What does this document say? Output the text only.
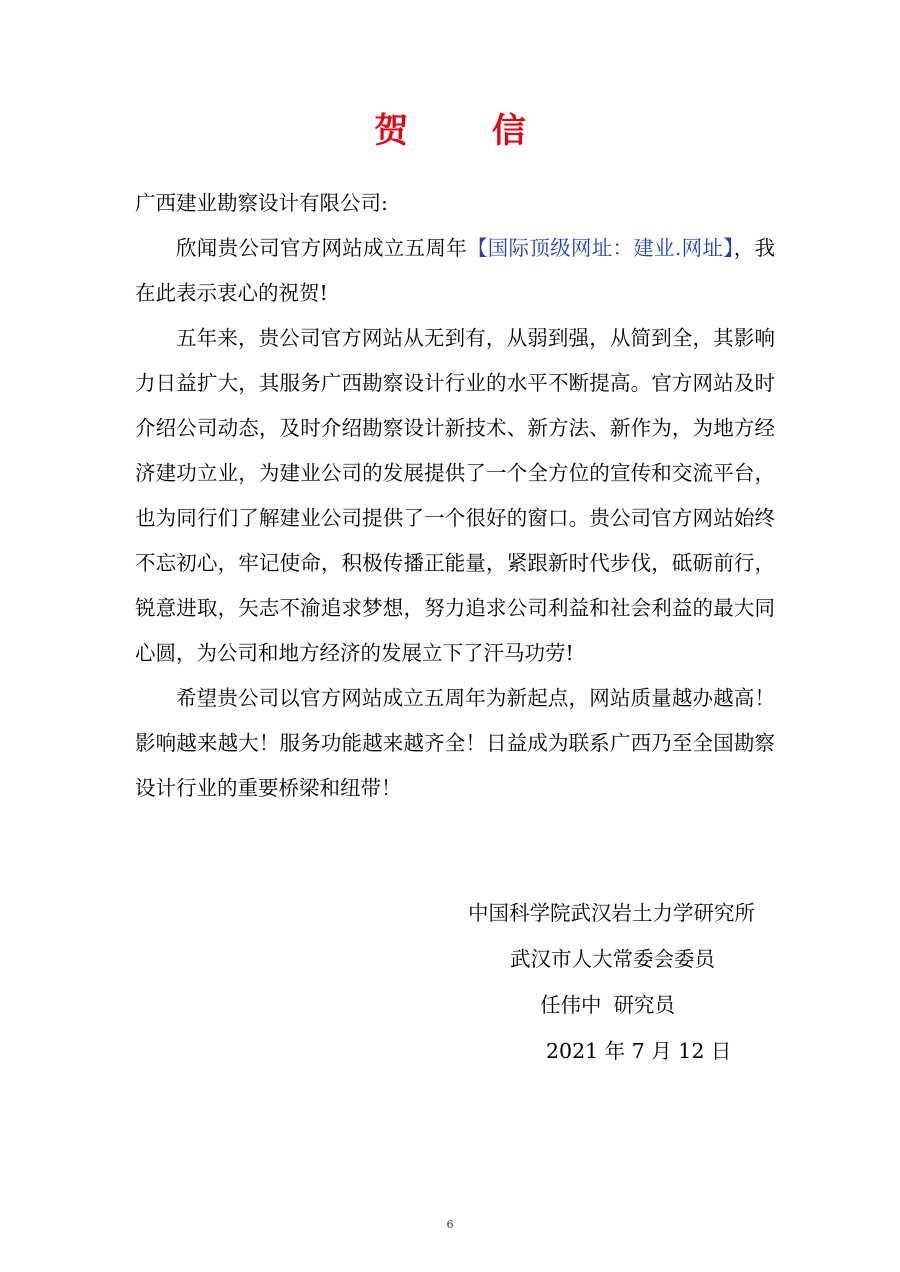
贺 信

广西建业勘察设计有限公司:

欣闻贵公司官方网站成立五周年【国际顶级网址：建业.网址】，我在此表示衷心的祝贺!

五年来，贵公司官方网站从无到有，从弱到强，从简到全，其影响力日益扩大，其服务广西勘察设计行业的水平不断提高。官方网站及时介绍公司动态，及时介绍勘察设计新技术、新方法、新作为，为地方经济建功立业，为建业公司的发展提供了一个全方位的宣传和交流平台，也为同行们了解建业公司提供了一个很好的窗口。贵公司官方网站始终不忘初心，牢记使命，积极传播正能量，紧跟新时代步伐，砥砺前行，锐意进取，矢志不渝追求梦想，努力追求公司利益和社会利益的最大同心圆，为公司和地方经济的发展立下了汗马功劳!

希望贵公司以官方网站成立五周年为新起点，网站质量越办越高！影响越来越大！服务功能越来越齐全！日益成为联系广西乃至全国勘察设计行业的重要桥梁和纽带！

中国科学院武汉岩土力学研究所
武汉市人大常委会委员
任伟中 研究员
2021 年 7 月 12 日
6
